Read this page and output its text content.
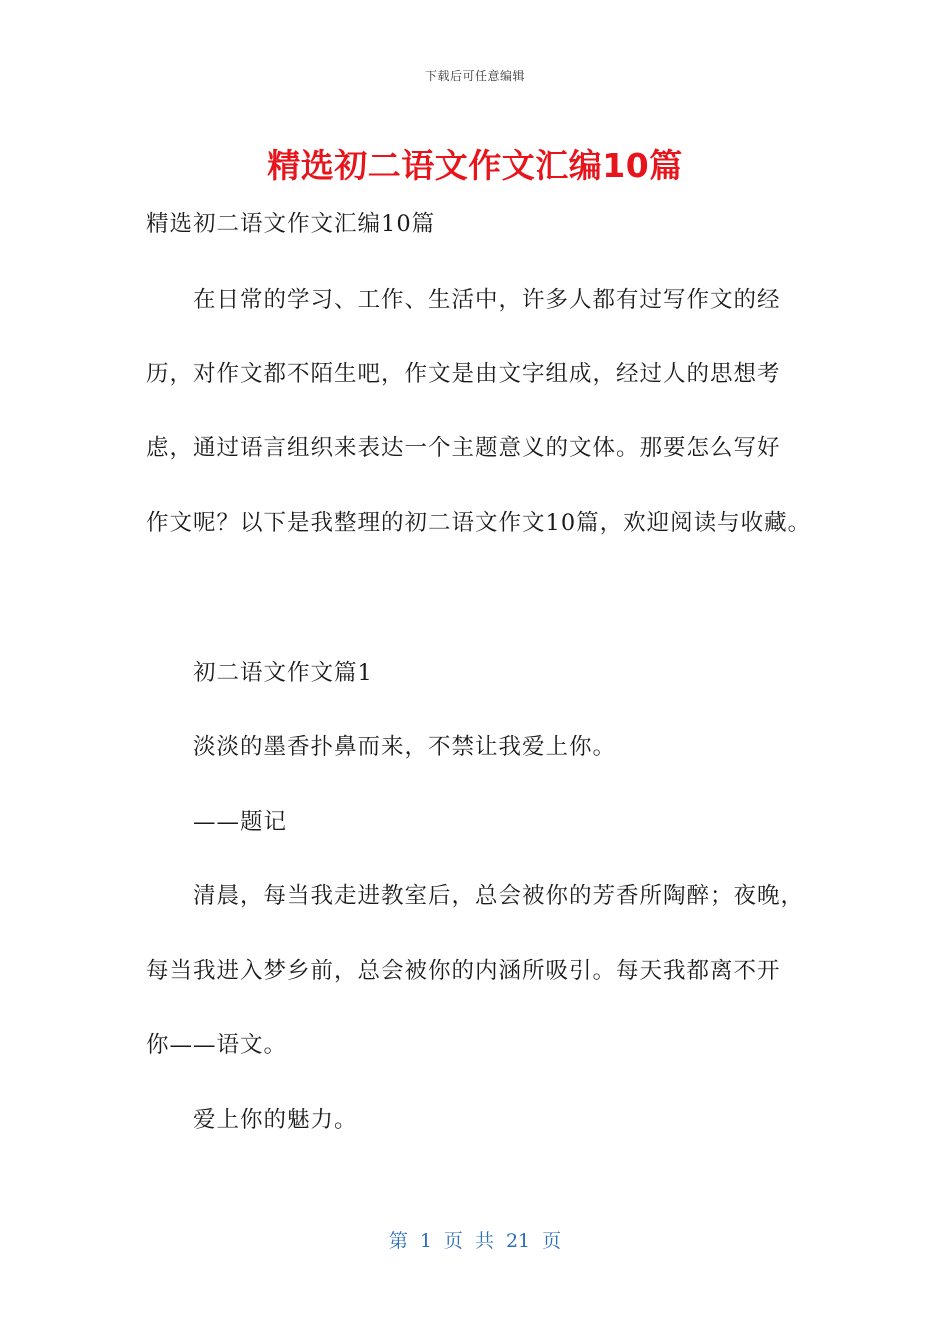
下载后可任意编辑
精选初二语文作文汇编10篇
精选初二语文作文汇编10篇
在日常的学习、工作、生活中，许多人都有过写作文的经
历，对作文都不陌生吧，作文是由文字组成，经过人的思想考
虑，通过语言组织来表达一个主题意义的文体。那要怎么写好
作文呢？以下是我整理的初二语文作文10篇，欢迎阅读与收藏。
初二语文作文篇1
淡淡的墨香扑鼻而来，不禁让我爱上你。
——题记
清晨，每当我走进教室后，总会被你的芳香所陶醉；夜晚，
每当我进入梦乡前，总会被你的内涵所吸引。每天我都离不开
你——语文。
爱上你的魅力。
第 1 页 共 21 页
